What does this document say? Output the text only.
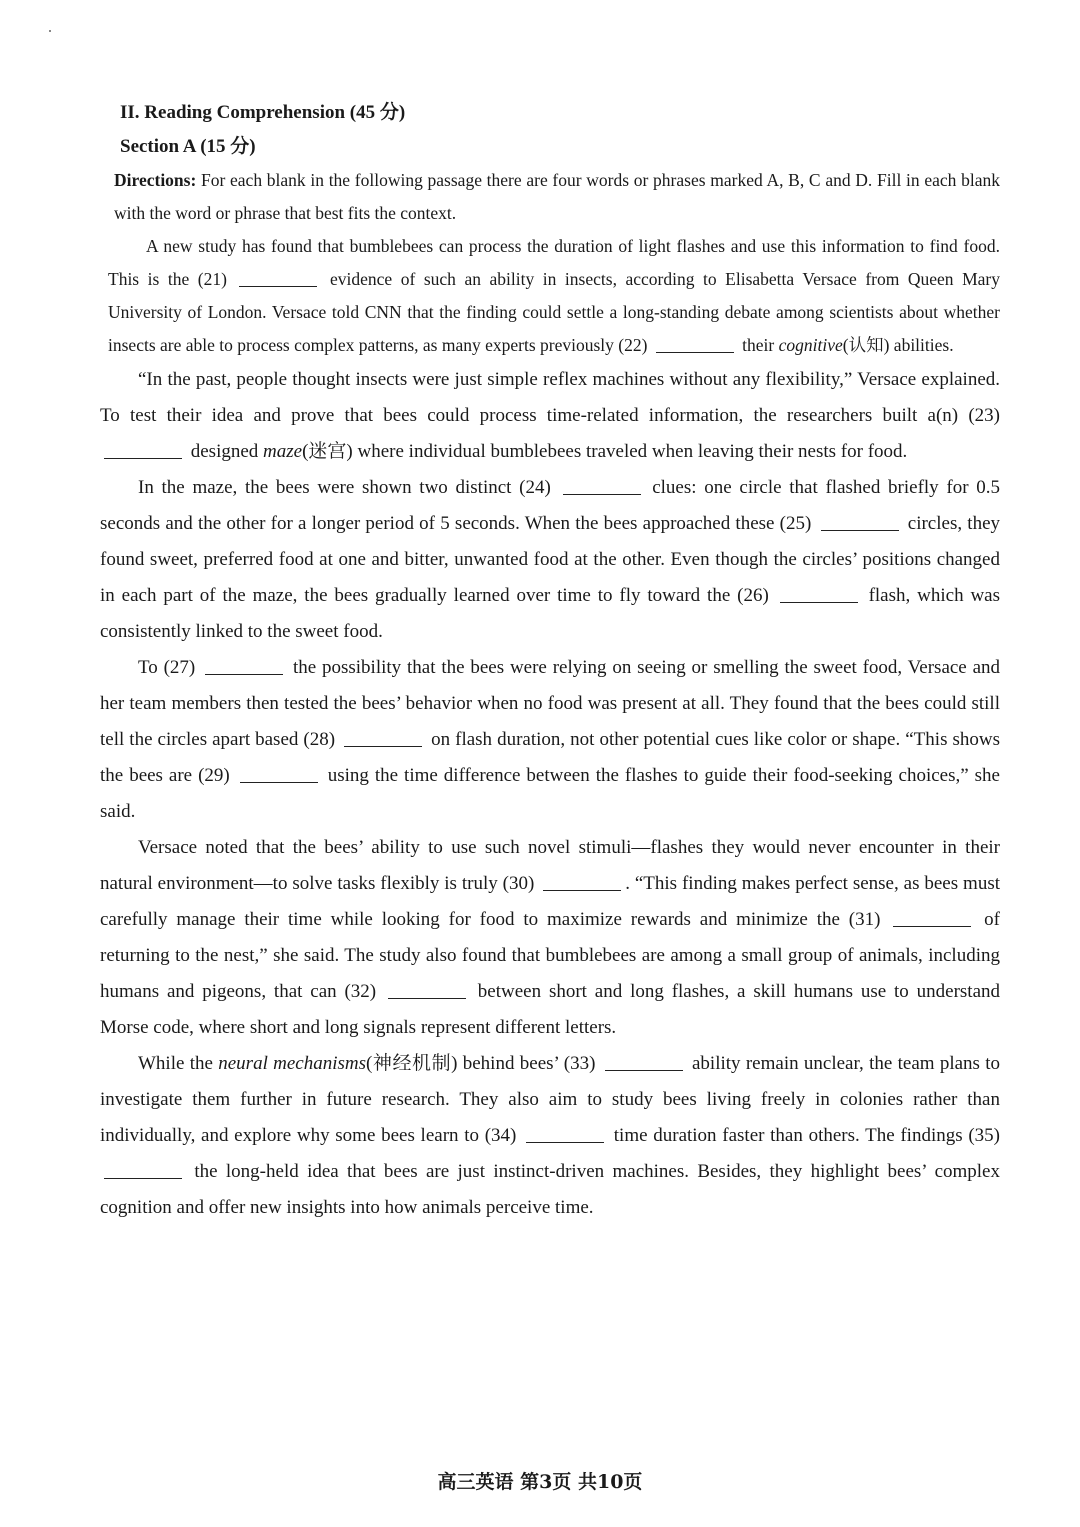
II. Reading Comprehension (45 分)
Section A (15 分)

Directions: For each blank in the following passage there are four words or phrases marked A, B, C and D. Fill in each blank with the word or phrase that best fits the context.

A new study has found that bumblebees can process the duration of light flashes and use this information to find food. This is the (21)	evidence of such an ability in insects, according to Elisabetta Versace from Queen Mary University of London. Versace told CNN that the finding could settle a long-standing debate among scientists about whether insects are able to process complex patterns, as many experts previously (22)	their cognitive(认知) abilities.

“In the past, people thought insects were just simple reflex machines without any flexibility,” Versace explained. To test their idea and prove that bees could process time-related information, the researchers built a(n) (23)  designed maze(迷宫) where individual bumblebees traveled when leaving their nests for food.

In the maze, the bees were shown two distinct (24)	clues: one circle that flashed briefly for 0.5 seconds and the other for a longer period of 5 seconds. When the bees approached these (25)	circles, they found sweet, preferred food at one and bitter, unwanted food at the other. Even though the circles’ positions changed in each part of the maze, the bees gradually learned over time to fly toward the (26)	flash, which was consistently linked to the sweet food.

To (27)	the possibility that the bees were relying on seeing or smelling the sweet food, Versace and her team members then tested the bees’ behavior when no food was present at all. They found that the bees could still tell the circles apart based (28)	on flash duration, not other potential cues like color or shape. “This shows the bees are (29)	using the time difference between the flashes to guide their food-seeking choices,” she said.

Versace noted that the bees’ ability to use such novel stimuli—flashes they would never encounter in their natural environment—to solve tasks flexibly is truly (30)	. “This finding makes perfect sense, as bees must carefully manage their time while looking for food to maximize rewards and minimize the (31)	of returning to the nest,” she said. The study also found that bumblebees are among a small group of animals, including humans and pigeons, that can (32)	between short and long flashes, a skill humans use to understand Morse code, where short and long signals represent different letters.

While the neural mechanisms(神经机制) behind bees’ (33)	ability remain unclear, the team plans to investigate them further in future research. They also aim to study bees living freely in colonies rather than individually, and explore why some bees learn to (34)	time duration faster than others. The findings (35)  the long-held idea that bees are just instinct-driven machines. Besides, they highlight bees’ complex cognition and offer new insights into how animals perceive time.

高三英语 第3页 共10页
